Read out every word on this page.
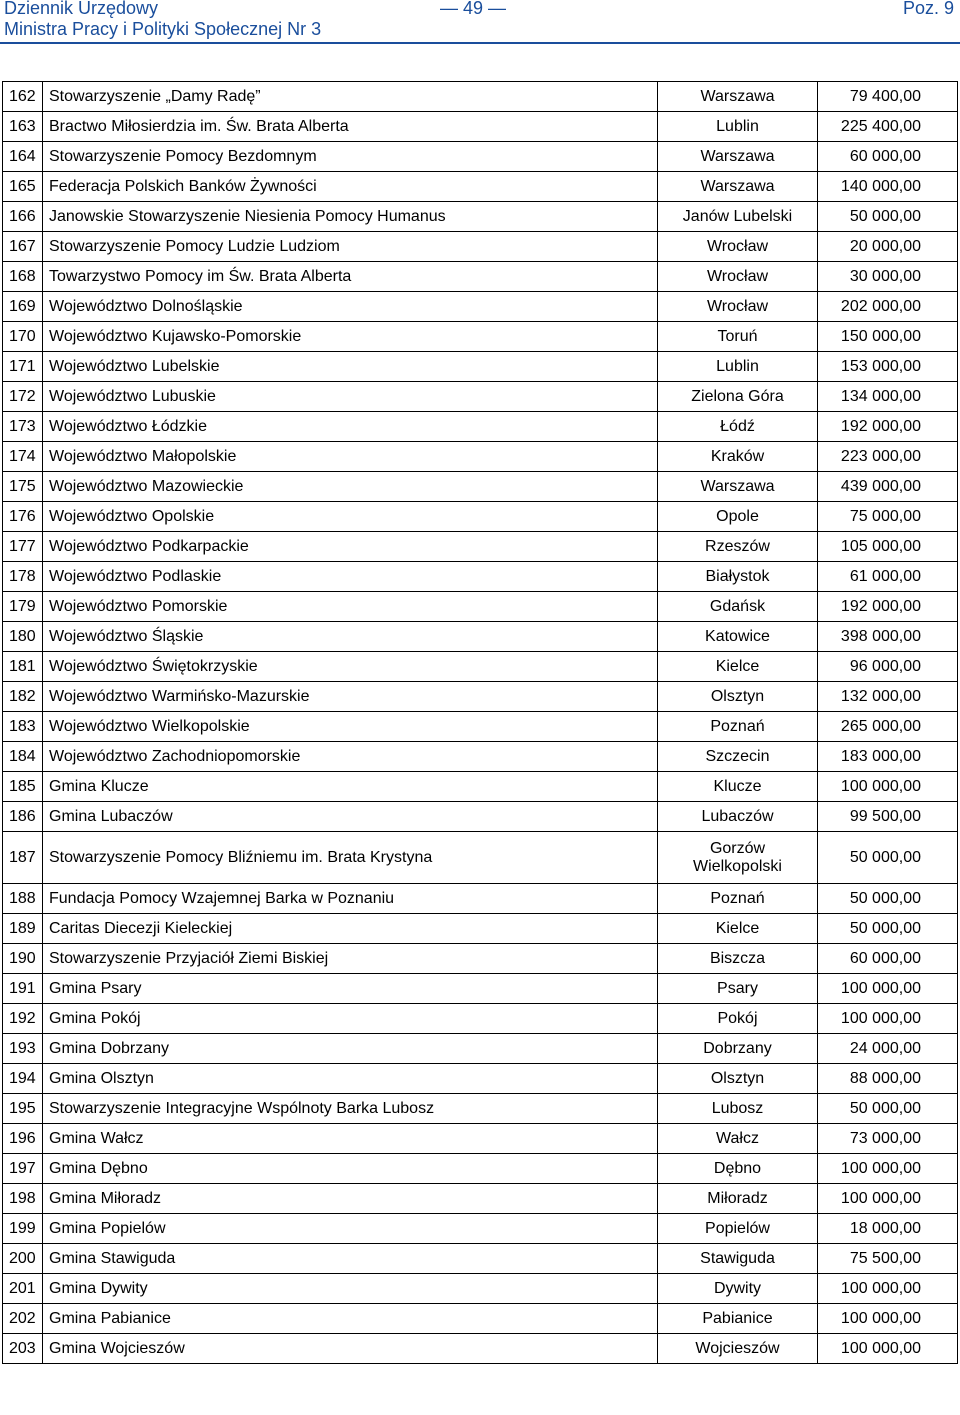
Dziennik Urzędowy
Ministra Pracy i Polityki Społecznej Nr 3
— 49 —	Poz. 9
162	Stowarzyszenie „Damy Radę”	Warszawa	79 400,00
163	Bractwo Miłosierdzia im. Św. Brata Alberta	Lublin	225 400,00
164	Stowarzyszenie Pomocy Bezdomnym	Warszawa	60 000,00
165	Federacja Polskich Banków Żywności	Warszawa	140 000,00
166	Janowskie Stowarzyszenie Niesienia Pomocy Humanus	Janów Lubelski	50 000,00
167	Stowarzyszenie Pomocy Ludzie Ludziom	Wrocław	20 000,00
168	Towarzystwo Pomocy im Św. Brata Alberta	Wrocław	30 000,00
169	Województwo Dolnośląskie	Wrocław	202 000,00
170	Województwo Kujawsko-Pomorskie	Toruń	150 000,00
171	Województwo Lubelskie	Lublin	153 000,00
172	Województwo Lubuskie	Zielona Góra	134 000,00
173	Województwo Łódzkie	Łódź	192 000,00
174	Województwo Małopolskie	Kraków	223 000,00
175	Województwo Mazowieckie	Warszawa	439 000,00
176	Województwo Opolskie	Opole	75 000,00
177	Województwo Podkarpackie	Rzeszów	105 000,00
178	Województwo Podlaskie	Białystok	61 000,00
179	Województwo Pomorskie	Gdańsk	192 000,00
180	Województwo Śląskie	Katowice	398 000,00
181	Województwo Świętokrzyskie	Kielce	96 000,00
182	Województwo Warmińsko-Mazurskie	Olsztyn	132 000,00
183	Województwo Wielkopolskie	Poznań	265 000,00
184	Województwo Zachodniopomorskie	Szczecin	183 000,00
185	Gmina Klucze	Klucze	100 000,00
186	Gmina Lubaczów	Lubaczów	99 500,00
187	Stowarzyszenie Pomocy Bliźniemu im. Brata Krystyna	Gorzów Wielkopolski	50 000,00
188	Fundacja Pomocy Wzajemnej Barka w Poznaniu	Poznań	50 000,00
189	Caritas Diecezji Kieleckiej	Kielce	50 000,00
190	Stowarzyszenie Przyjaciół Ziemi Biskiej	Biszcza	60 000,00
191	Gmina Psary	Psary	100 000,00
192	Gmina Pokój	Pokój	100 000,00
193	Gmina Dobrzany	Dobrzany	24 000,00
194	Gmina Olsztyn	Olsztyn	88 000,00
195	Stowarzyszenie Integracyjne Wspólnoty Barka Lubosz	Lubosz	50 000,00
196	Gmina Wałcz	Wałcz	73 000,00
197	Gmina Dębno	Dębno	100 000,00
198	Gmina Miłoradz	Miłoradz	100 000,00
199	Gmina Popielów	Popielów	18 000,00
200	Gmina Stawiguda	Stawiguda	75 500,00
201	Gmina Dywity	Dywity	100 000,00
202	Gmina Pabianice	Pabianice	100 000,00
203	Gmina Wojcieszów	Wojcieszów	100 000,00
